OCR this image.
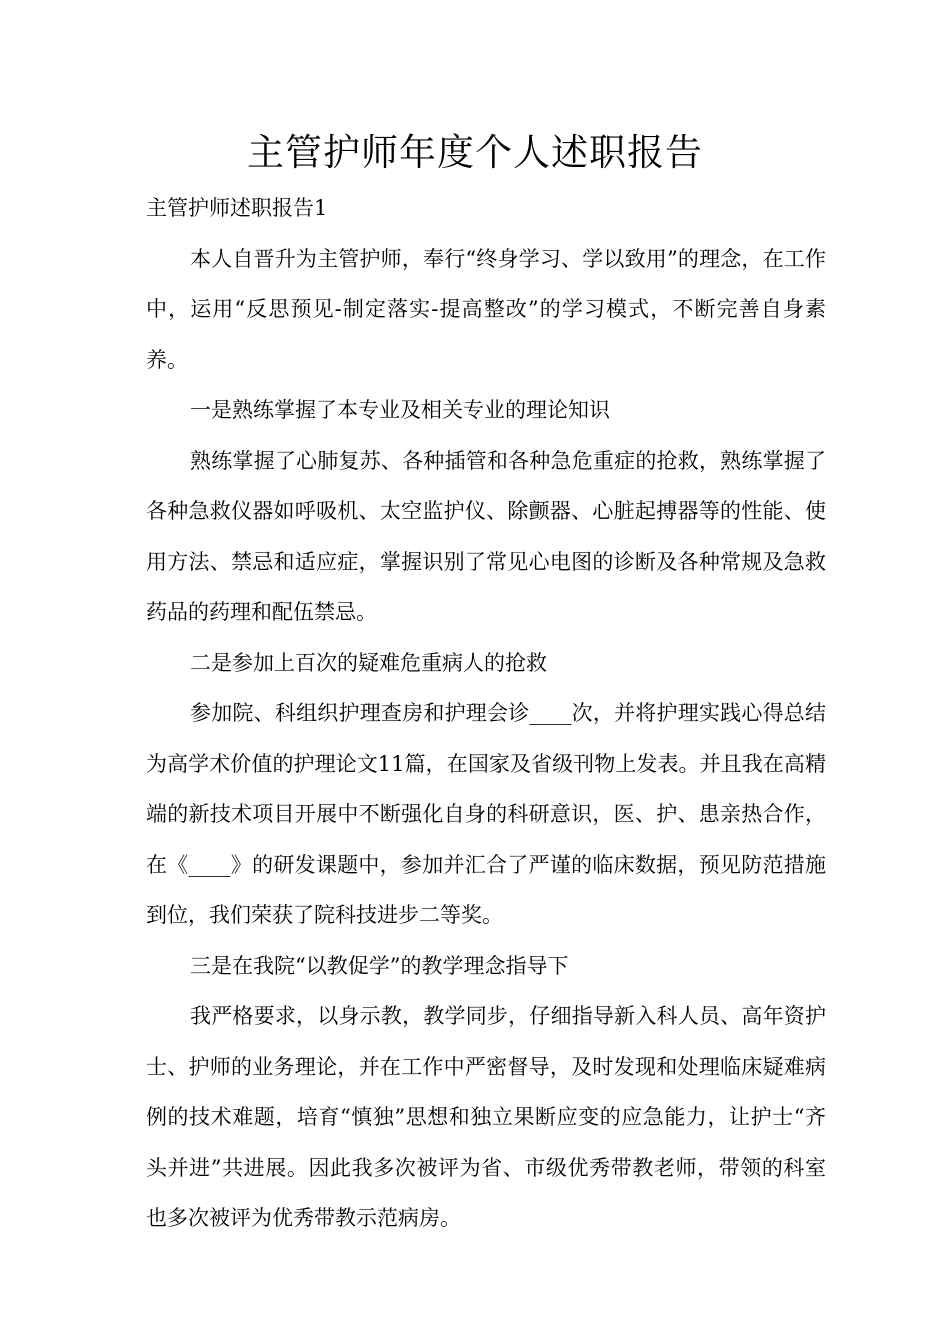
主管护师年度个人述职报告

主管护师述职报告1

本人自晋升为主管护师，奉行“终身学习、学以致用”的理念，在工作中，运用“反思预见-制定落实-提高整改”的学习模式，不断完善自身素养。

一是熟练掌握了本专业及相关专业的理论知识

熟练掌握了心肺复苏、各种插管和各种急危重症的抢救，熟练掌握了各种急救仪器如呼吸机、太空监护仪、除颤器、心脏起搏器等的性能、使用方法、禁忌和适应症，掌握识别了常见心电图的诊断及各种常规及急救药品的药理和配伍禁忌。

二是参加上百次的疑难危重病人的抢救

参加院、科组织护理查房和护理会诊____次，并将护理实践心得总结为高学术价值的护理论文11篇，在国家及省级刊物上发表。并且我在高精端的新技术项目开展中不断强化自身的科研意识，医、护、患亲热合作，在《____》的研发课题中，参加并汇合了严谨的临床数据，预见防范措施到位，我们荣获了院科技进步二等奖。

三是在我院“以教促学”的教学理念指导下

我严格要求，以身示教，教学同步，仔细指导新入科人员、高年资护士、护师的业务理论，并在工作中严密督导，及时发现和处理临床疑难病例的技术难题，培育“慎独”思想和独立果断应变的应急能力，让护士“齐头并进”共进展。因此我多次被评为省、市级优秀带教老师，带领的科室也多次被评为优秀带教示范病房。
